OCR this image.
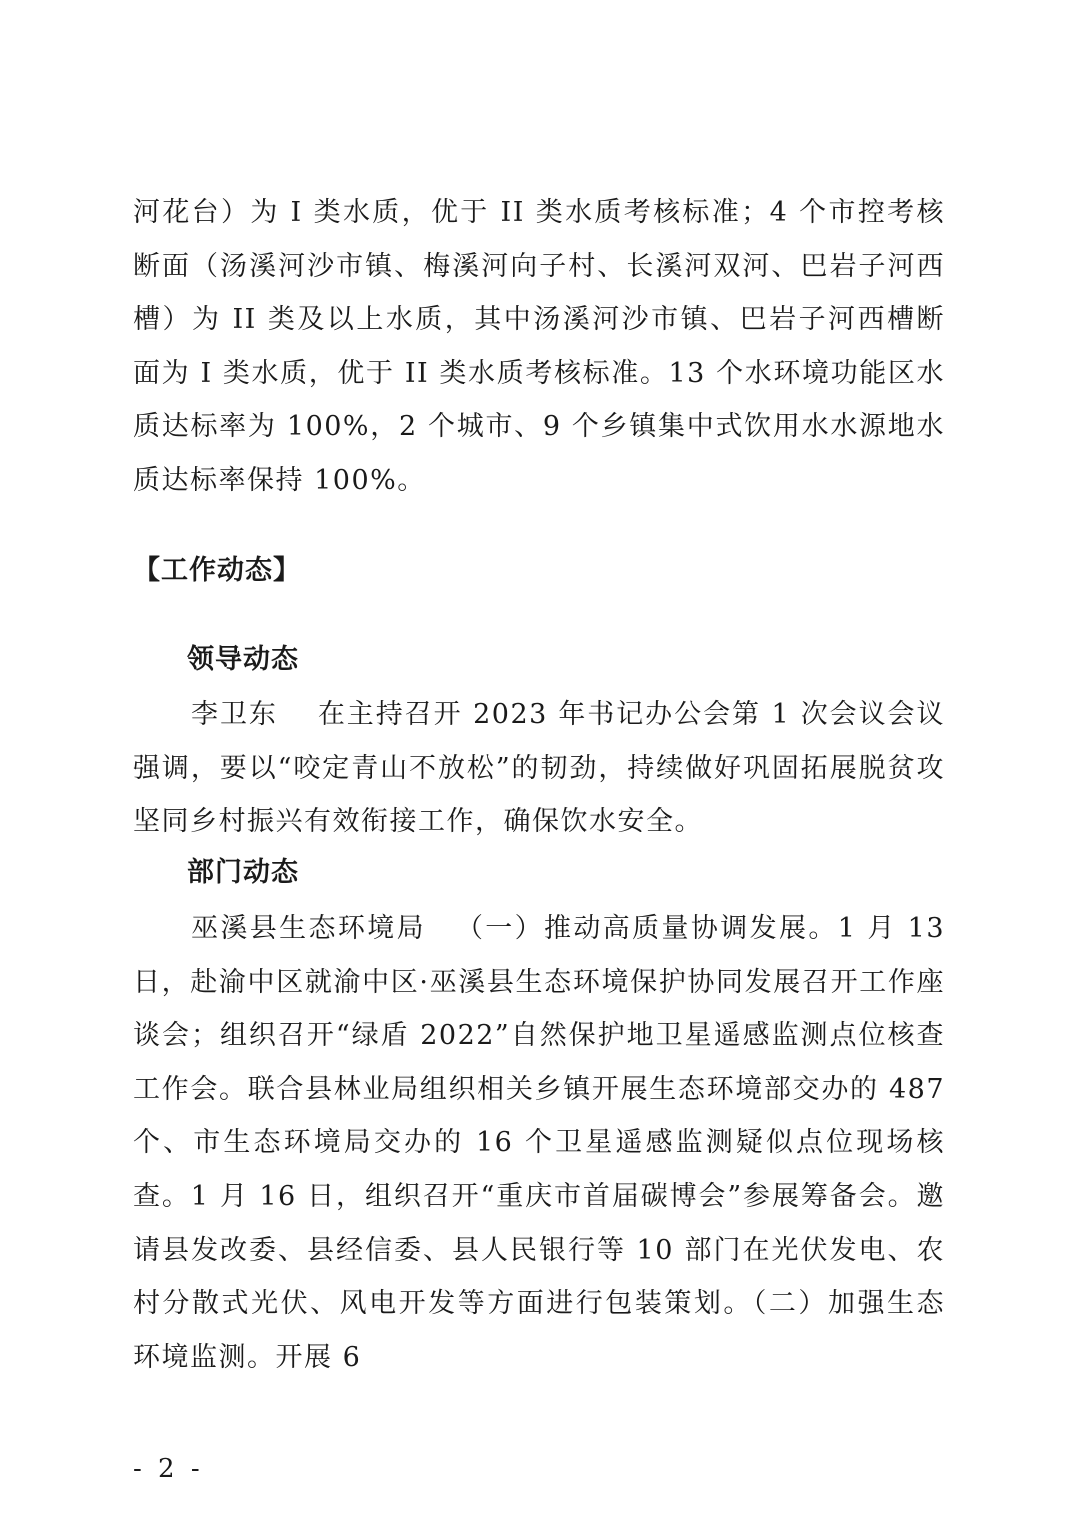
河花台）为 I 类水质，优于 II 类水质考核标准；4 个市控考核断面（汤溪河沙市镇、梅溪河向子村、长溪河双河、巴岩子河西槽）为 II 类及以上水质，其中汤溪河沙市镇、巴岩子河西槽断面为 I 类水质，优于 II 类水质考核标准。13 个水环境功能区水质达标率为 100%，2 个城市、9 个乡镇集中式饮用水水源地水质达标率保持 100%。

【工作动态】
领导动态

李卫东 在主持召开 2023 年书记办公会第 1 次会议会议强调，要以“咬定青山不放松”的韧劲，持续做好巩固拓展脱贫攻坚同乡村振兴有效衔接工作，确保饮水安全。

部门动态

巫溪县生态环境局 （一）推动高质量协调发展。1 月 13 日，赴渝中区就渝中区·巫溪县生态环境保护协同发展召开工作座谈会；组织召开“绿盾 2022”自然保护地卫星遥感监测点位核查工作会。联合县林业局组织相关乡镇开展生态环境部交办的 487 个、市生态环境局交办的 16 个卫星遥感监测疑似点位现场核查。1 月 16 日，组织召开“重庆市首届碳博会”参展筹备会。邀请县发改委、县经信委、县人民银行等 10 部门在光伏发电、农村分散式光伏、风电开发等方面进行包装策划。（二）加强生态环境监测。开展 6

- 2 -
